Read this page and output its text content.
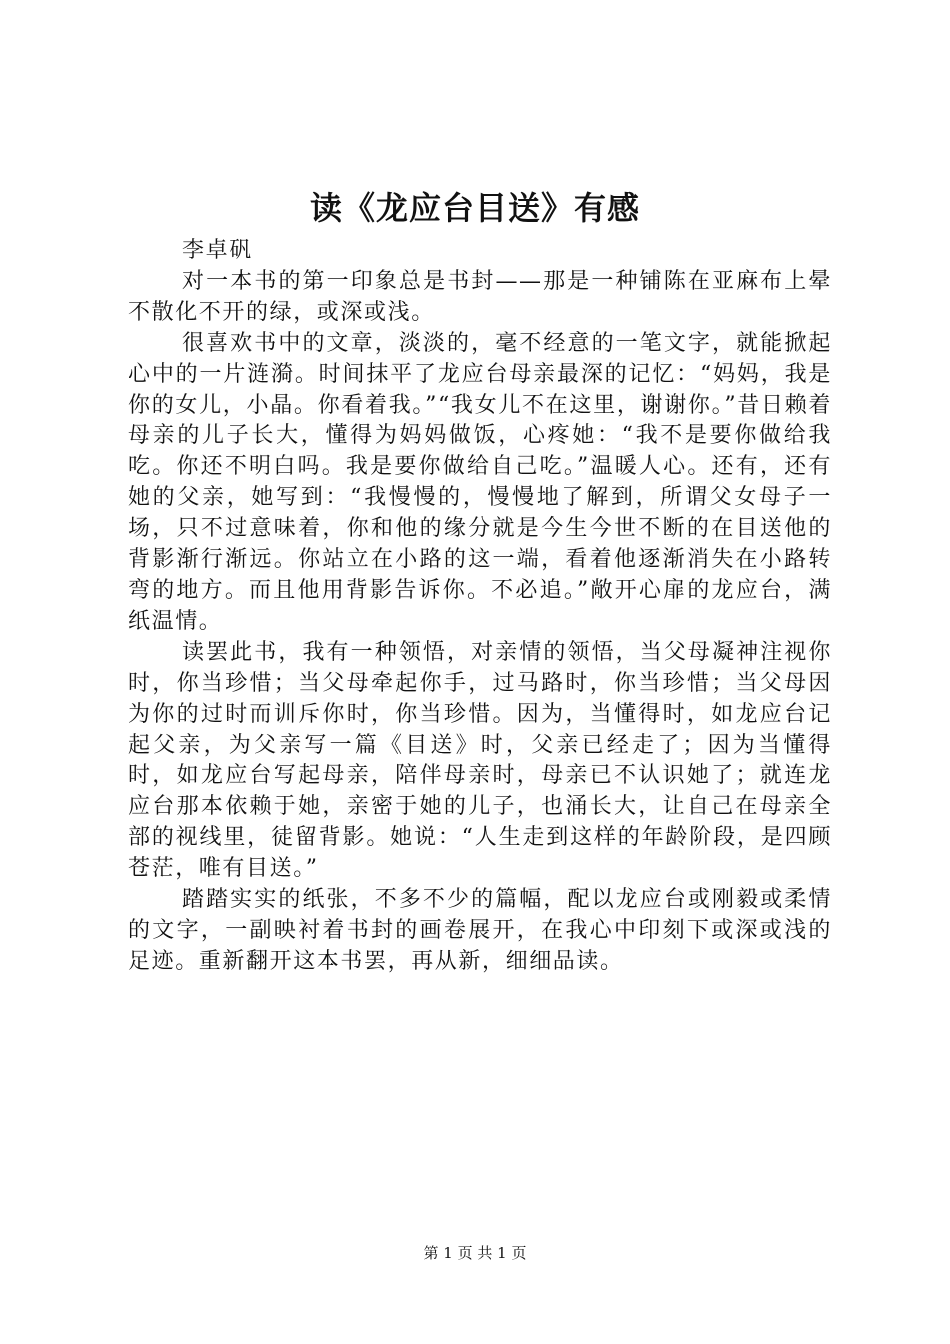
读《龙应台目送》有感

李卓矾

对一本书的第一印象总是书封——那是一种铺陈在亚麻布上晕不散化不开的绿，或深或浅。

很喜欢书中的文章，淡淡的，毫不经意的一笔文字，就能掀起心中的一片涟漪。时间抹平了龙应台母亲最深的记忆：“妈妈，我是你的女儿，小晶。你看着我。”“我女儿不在这里，谢谢你。”昔日赖着母亲的儿子长大，懂得为妈妈做饭，心疼她：“我不是要你做给我吃。你还不明白吗。我是要你做给自己吃。”温暖人心。还有，还有她的父亲，她写到：“我慢慢的，慢慢地了解到，所谓父女母子一场，只不过意味着，你和他的缘分就是今生今世不断的在目送他的背影渐行渐远。你站立在小路的这一端，看着他逐渐消失在小路转弯的地方。而且他用背影告诉你。不必追。”敞开心扉的龙应台，满纸温情。

读罢此书，我有一种领悟，对亲情的领悟，当父母凝神注视你时，你当珍惜；当父母牵起你手，过马路时，你当珍惜；当父母因为你的过时而训斥你时，你当珍惜。因为，当懂得时，如龙应台记起父亲，为父亲写一篇《目送》时，父亲已经走了；因为当懂得时，如龙应台写起母亲，陪伴母亲时，母亲已不认识她了；就连龙应台那本依赖于她，亲密于她的儿子，也涌长大，让自己在母亲全部的视线里，徒留背影。她说：“人生走到这样的年龄阶段，是四顾苍茫，唯有目送。”

踏踏实实的纸张，不多不少的篇幅，配以龙应台或刚毅或柔情的文字，一副映衬着书封的画卷展开，在我心中印刻下或深或浅的足迹。重新翻开这本书罢，再从新，细细品读。

第 1 页 共 1 页
